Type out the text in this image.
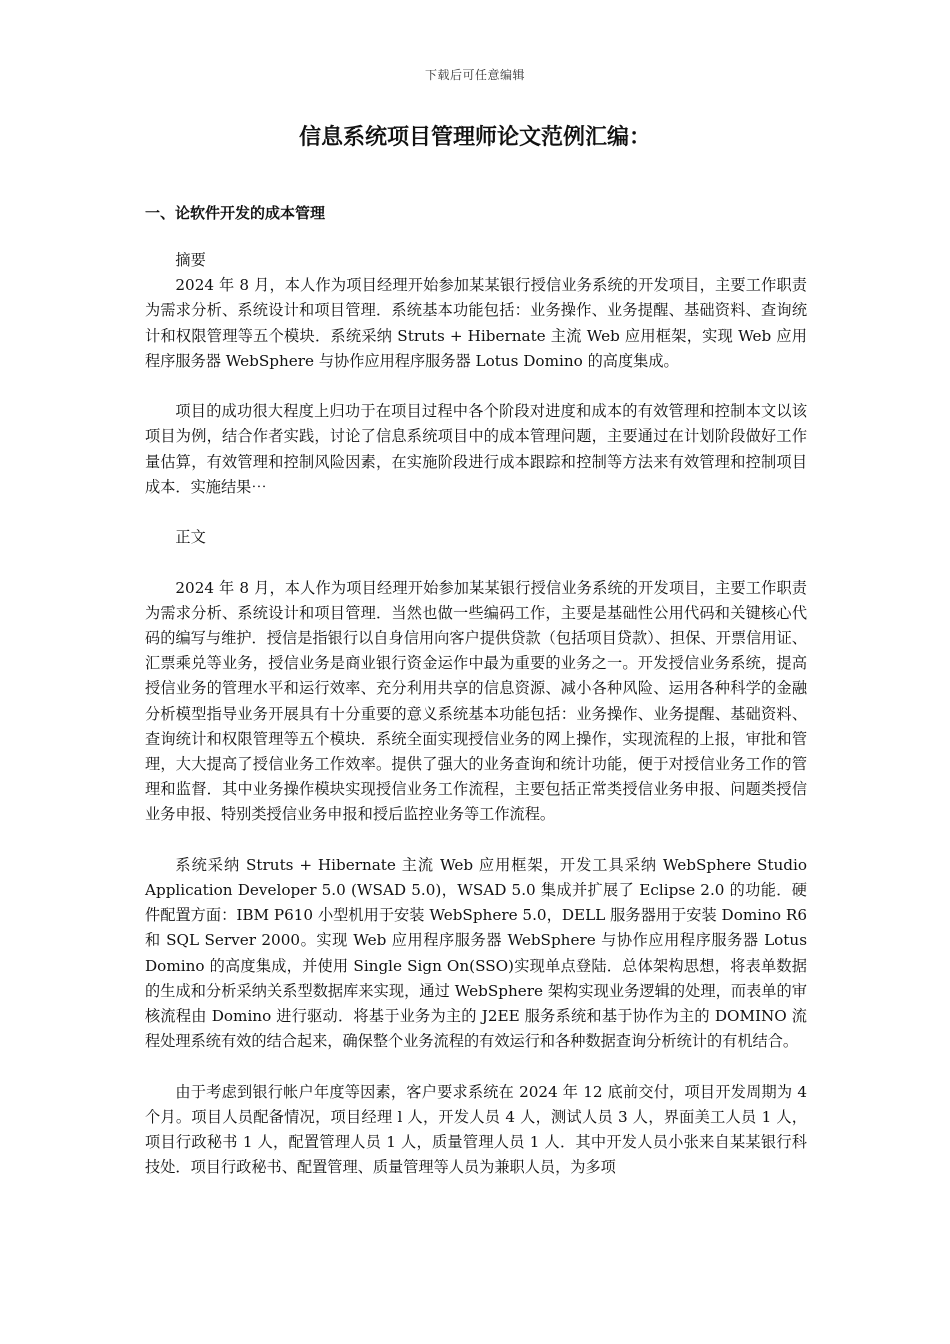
下载后可任意编辑
信息系统项目管理师论文范例汇编：
一、论软件开发的成本管理

摘要

2024 年 8 月，本人作为项目经理开始参加某某银行授信业务系统的开发项目，主要工作职责为需求分析、系统设计和项目管理．系统基本功能包括：业务操作、业务提醒、基础资料、查询统计和权限管理等五个模块．系统采纳 Struts + Hibernate 主流 Web 应用框架，实现 Web 应用程序服务器 WebSphere 与协作应用程序服务器 Lotus Domino 的高度集成。

项目的成功很大程度上归功于在项目过程中各个阶段对进度和成本的有效管理和控制本文以该项目为例，结合作者实践，讨论了信息系统项目中的成本管理问题，主要通过在计划阶段做好工作量估算，有效管理和控制风险因素，在实施阶段进行成本跟踪和控制等方法来有效管理和控制项目成本．实施结果⋯

正文

2024 年 8 月，本人作为项目经理开始参加某某银行授信业务系统的开发项目，主要工作职责为需求分析、系统设计和项目管理．当然也做一些编码工作，主要是基础性公用代码和关键核心代码的编写与维护．授信是指银行以自身信用向客户提供贷款（包括项目贷款）、担保、开票信用证、汇票乘兑等业务，授信业务是商业银行资金运作中最为重要的业务之一。开发授信业务系统，提高授信业务的管理水平和运行效率、充分利用共享的信息资源、减小各种风险、运用各种科学的金融分析模型指导业务开展具有十分重要的意义系统基本功能包括：业务操作、业务提醒、基础资料、查询统计和权限管理等五个模块．系统全面实现授信业务的网上操作，实现流程的上报，审批和管理，大大提高了授信业务工作效率。提供了强大的业务查询和统计功能，便于对授信业务工作的管理和监督．其中业务操作模块实现授信业务工作流程，主要包括正常类授信业务申报、问题类授信业务申报、特别类授信业务申报和授后监控业务等工作流程。

系统采纳 Struts + Hibernate 主流 Web 应用框架，开发工具采纳 WebSphere Studio Application Developer 5.0 (WSAD 5.0)，WSAD 5.0 集成并扩展了 Eclipse 2.0 的功能．硬件配置方面：IBM P610 小型机用于安装 WebSphere 5.0，DELL 服务器用于安装 Domino R6 和 SQL Server 2000。实现 Web 应用程序服务器 WebSphere 与协作应用程序服务器 Lotus Domino 的高度集成，并使用 Single Sign On(SSO)实现单点登陆．总体架构思想，将表单数据的生成和分析采纳关系型数据库来实现，通过 WebSphere 架构实现业务逻辑的处理，而表单的审核流程由 Domino 进行驱动．将基于业务为主的 J2EE 服务系统和基于协作为主的 DOMINO 流程处理系统有效的结合起来，确保整个业务流程的有效运行和各种数据查询分析统计的有机结合。

由于考虑到银行帐户年度等因素，客户要求系统在 2024 年 12 底前交付，项目开发周期为 4 个月。项目人员配备情况，项目经理 l 人，开发人员 4 人，测试人员 3 人，界面美工人员 1 人，项目行政秘书 1 人，配置管理人员 1 人，质量管理人员 1 人．其中开发人员小张来自某某银行科技处．项目行政秘书、配置管理、质量管理等人员为兼职人员，为多项
